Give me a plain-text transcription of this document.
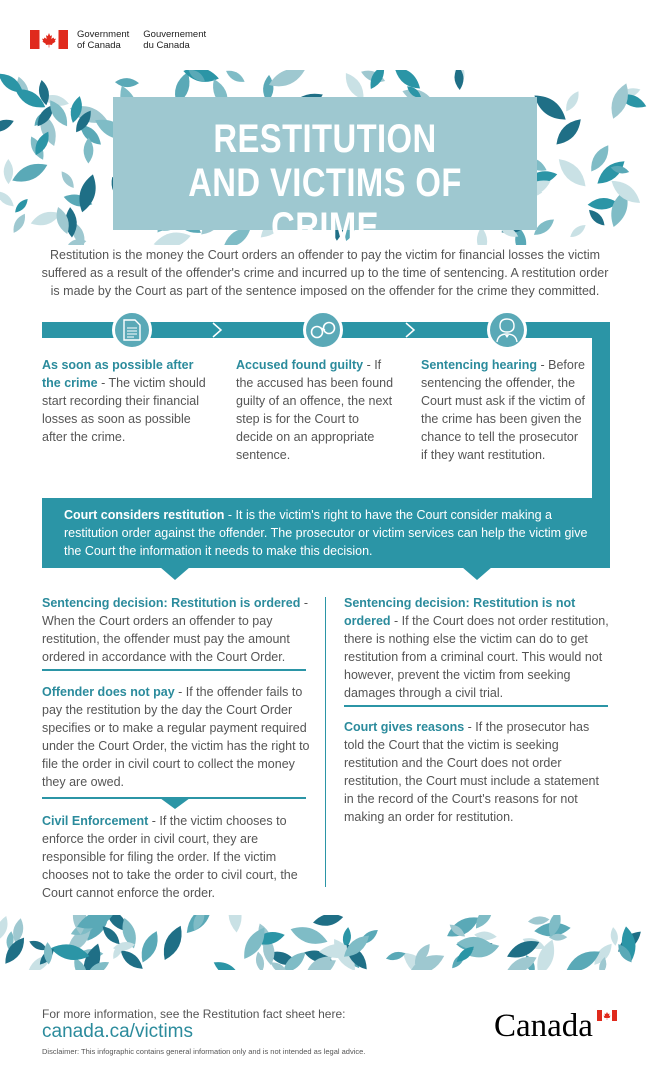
Government
of Canada
Gouvernement
du Canada
RESTITUTION
AND VICTIMS OF CRIME
Restitution is the money the Court orders an offender to pay the victim for financial losses the victim suffered as a result of the offender's crime and incurred up to the time of sentencing. A restitution order is made by the Court as part of the sentence imposed on the offender for the crime they committed.
As soon as possible after the crime - The victim should start recording their financial losses as soon as possible after the crime.
Accused found guilty - If the accused has been found guilty of an offence, the next step is for the Court to decide on an appropriate sentence.
Sentencing hearing - Before sentencing the offender, the Court must ask if the victim of the crime has been given the chance to tell the prosecutor if they want restitution.
Court considers restitution - It is the victim's right to have the Court consider making a restitution order against the offender. The prosecutor or victim services can help the victim give the Court the information it needs to make this decision.
Sentencing decision: Restitution is ordered - When the Court orders an offender to pay restitution, the offender must pay the amount ordered in accordance with the Court Order.
Offender does not pay - If the offender fails to pay the restitution by the day the Court Order specifies or to make a regular payment required under the Court Order, the victim has the right to file the order in civil court to collect the money they are owed.
Civil Enforcement - If the victim chooses to enforce the order in civil court, they are responsible for filing the order. If the victim chooses not to take the order to civil court, the Court cannot enforce the order.
Sentencing decision: Restitution is not ordered - If the Court does not order restitution, there is nothing else the victim can do to get restitution from a criminal court. This would not however, prevent the victim from seeking damages through a civil trial.
Court gives reasons - If the prosecutor has told the Court that the victim is seeking restitution and the Court does not order restitution, the Court must include a statement in the record of the Court's reasons for not making an order for restitution.
For more information, see the Restitution fact sheet here:
canada.ca/victims
Disclaimer: This infographic contains general information only and is not intended as legal advice.
Canada
